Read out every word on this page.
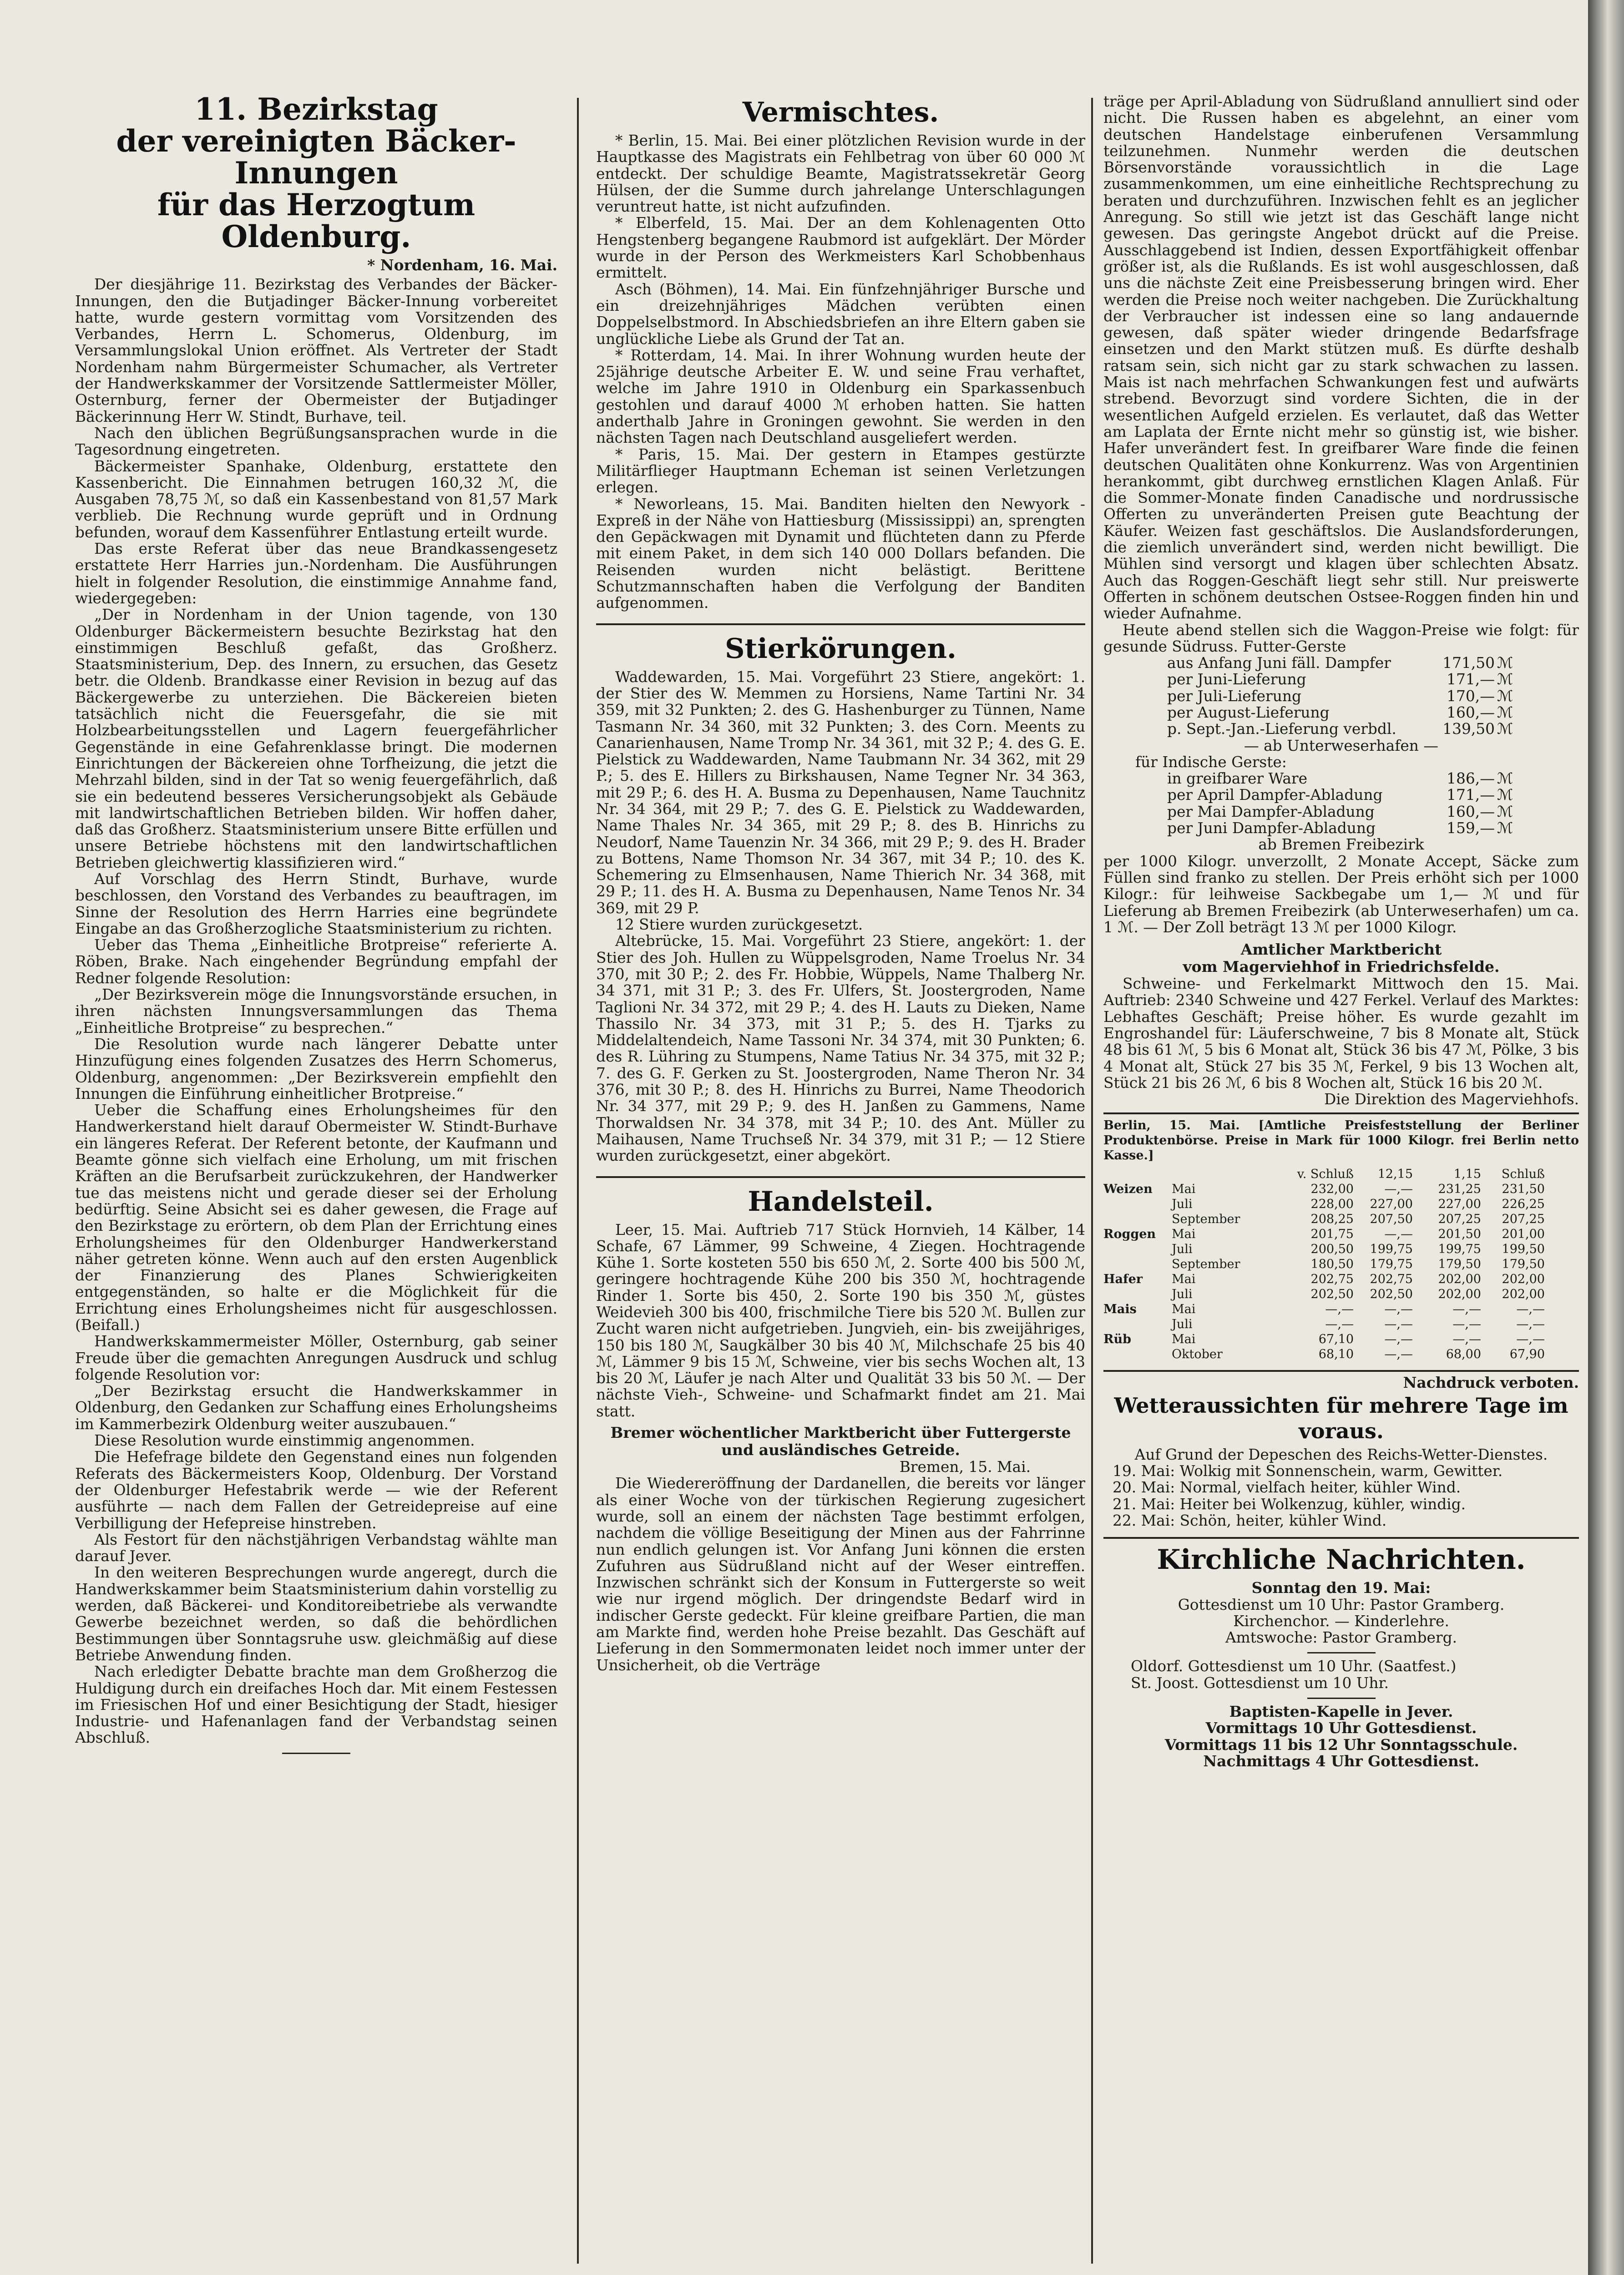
11. Bezirkstag
der vereinigten Bäcker-Innungen
für das Herzogtum Oldenburg.

* Nordenham, 16. Mai.

Der diesjährige 11. Bezirkstag des Verbandes der Bäcker-Innungen, den die Butjadinger Bäcker-Innung vorbereitet hatte, wurde gestern vormittag vom Vorsitzenden des Verbandes, Herrn L. Schomerus, Oldenburg, im Versammlungslokal Union eröffnet. Als Vertreter der Stadt Nordenham nahm Bürgermeister Schumacher, als Vertreter der Handwerkskammer der Vorsitzende Sattlermeister Möller, Osternburg, ferner der Obermeister der Butjadinger Bäckerinnung Herr W. Stindt, Burhave, teil.

Nach den üblichen Begrüßungsansprachen wurde in die Tagesordnung eingetreten.

Bäckermeister Spanhake, Oldenburg, erstattete den Kassenbericht. Die Einnahmen betrugen 160,32 ℳ, die Ausgaben 78,75 ℳ, so daß ein Kassenbestand von 81,57 Mark verblieb. Die Rechnung wurde geprüft und in Ordnung befunden, worauf dem Kassenführer Entlastung erteilt wurde.

Das erste Referat über das neue Brandkassengesetz erstattete Herr Harries jun.-Nordenham. Die Ausführungen hielt in folgender Resolution, die einstimmige Annahme fand, wiedergegeben:

„Der in Nordenham in der Union tagende, von 130 Oldenburger Bäckermeistern besuchte Bezirkstag hat den einstimmigen Beschluß gefaßt, das Großherz. Staatsministerium, Dep. des Innern, zu ersuchen, das Gesetz betr. die Oldenb. Brandkasse einer Revision in bezug auf das Bäckergewerbe zu unterziehen. Die Bäckereien bieten tatsächlich nicht die Feuersgefahr, die sie mit Holzbearbeitungsstellen und Lagern feuergefährlicher Gegenstände in eine Gefahrenklasse bringt. Die modernen Einrichtungen der Bäckereien ohne Torfheizung, die jetzt die Mehrzahl bilden, sind in der Tat so wenig feuergefährlich, daß sie ein bedeutend besseres Versicherungsobjekt als Gebäude mit landwirtschaftlichen Betrieben bilden. Wir hoffen daher, daß das Großherz. Staatsministerium unsere Bitte erfüllen und unsere Betriebe höchstens mit den landwirtschaftlichen Betrieben gleichwertig klassifizieren wird.“

Auf Vorschlag des Herrn Stindt, Burhave, wurde beschlossen, den Vorstand des Verbandes zu beauftragen, im Sinne der Resolution des Herrn Harries eine begründete Eingabe an das Großherzogliche Staatsministerium zu richten.

Ueber das Thema „Einheitliche Brotpreise“ referierte A. Röben, Brake. Nach eingehender Begründung empfahl der Redner folgende Resolution:

„Der Bezirksverein möge die Innungsvorstände ersuchen, in ihren nächsten Innungsversammlungen das Thema „Einheitliche Brotpreise“ zu besprechen.“

Die Resolution wurde nach längerer Debatte unter Hinzufügung eines folgenden Zusatzes des Herrn Schomerus, Oldenburg, angenommen: „Der Bezirksverein empfiehlt den Innungen die Einführung einheitlicher Brotpreise.“

Ueber die Schaffung eines Erholungsheimes für den Handwerkerstand hielt darauf Obermeister W. Stindt-Burhave ein längeres Referat. Der Referent betonte, der Kaufmann und Beamte gönne sich vielfach eine Erholung, um mit frischen Kräften an die Berufsarbeit zurückzukehren, der Handwerker tue das meistens nicht und gerade dieser sei der Erholung bedürftig. Seine Absicht sei es daher gewesen, die Frage auf den Bezirkstage zu erörtern, ob dem Plan der Errichtung eines Erholungsheimes für den Oldenburger Handwerkerstand näher getreten könne. Wenn auch auf den ersten Augenblick der Finanzierung des Planes Schwierigkeiten entgegenständen, so halte er die Möglichkeit für die Errichtung eines Erholungsheimes nicht für ausgeschlossen. (Beifall.)

Handwerkskammermeister Möller, Osternburg, gab seiner Freude über die gemachten Anregungen Ausdruck und schlug folgende Resolution vor:

„Der Bezirkstag ersucht die Handwerkskammer in Oldenburg, den Gedanken zur Schaffung eines Erholungsheims im Kammerbezirk Oldenburg weiter auszubauen.“

Diese Resolution wurde einstimmig angenommen.

Die Hefefrage bildete den Gegenstand eines nun folgenden Referats des Bäckermeisters Koop, Oldenburg. Der Vorstand der Oldenburger Hefestabrik werde — wie der Referent ausführte — nach dem Fallen der Getreidepreise auf eine Verbilligung der Hefepreise hinstreben.

Als Festort für den nächstjährigen Verbandstag wählte man darauf Jever.

In den weiteren Besprechungen wurde angeregt, durch die Handwerkskammer beim Staatsministerium dahin vorstellig zu werden, daß Bäckerei- und Konditoreibetriebe als verwandte Gewerbe bezeichnet werden, so daß die behördlichen Bestimmungen über Sonntagsruhe usw. gleichmäßig auf diese Betriebe Anwendung finden.

Nach erledigter Debatte brachte man dem Großherzog die Huldigung durch ein dreifaches Hoch dar. Mit einem Festessen im Friesischen Hof und einer Besichtigung der Stadt, hiesiger Industrie- und Hafenanlagen fand der Verbandstag seinen Abschluß.

Vermischtes.

* Berlin, 15. Mai. Bei einer plötzlichen Revision wurde in der Hauptkasse des Magistrats ein Fehlbetrag von über 60 000 ℳ entdeckt. Der schuldige Beamte, Magistratssekretär Georg Hülsen, der die Summe durch jahrelange Unterschlagungen veruntreut hatte, ist nicht aufzufinden.

* Elberfeld, 15. Mai. Der an dem Kohlenagenten Otto Hengstenberg begangene Raubmord ist aufgeklärt. Der Mörder wurde in der Person des Werkmeisters Karl Schobbenhaus ermittelt.

Asch (Böhmen), 14. Mai. Ein fünfzehnjähriger Bursche und ein dreizehnjähriges Mädchen verübten einen Doppelselbstmord. In Abschiedsbriefen an ihre Eltern gaben sie unglückliche Liebe als Grund der Tat an.

* Rotterdam, 14. Mai. In ihrer Wohnung wurden heute der 25jährige deutsche Arbeiter E. W. und seine Frau verhaftet, welche im Jahre 1910 in Oldenburg ein Sparkassenbuch gestohlen und darauf 4000 ℳ erhoben hatten. Sie hatten anderthalb Jahre in Groningen gewohnt. Sie werden in den nächsten Tagen nach Deutschland ausgeliefert werden.

* Paris, 15. Mai. Der gestern in Etampes gestürzte Militärflieger Hauptmann Echeman ist seinen Verletzungen erlegen.

* Neworleans, 15. Mai. Banditen hielten den Newyork - Expreß in der Nähe von Hattiesburg (Mississippi) an, sprengten den Gepäckwagen mit Dynamit und flüchteten dann zu Pferde mit einem Paket, in dem sich 140 000 Dollars befanden. Die Reisenden wurden nicht belästigt. Berittene Schutzmannschaften haben die Verfolgung der Banditen aufgenommen.

Stierkörungen.

Waddewarden, 15. Mai. Vorgeführt 23 Stiere, angekört: 1. der Stier des W. Memmen zu Horsiens, Name Tartini Nr. 34 359, mit 32 Punkten; 2. des G. Hashenburger zu Tünnen, Name Tasmann Nr. 34 360, mit 32 Punkten; 3. des Corn. Meents zu Canarienhausen, Name Tromp Nr. 34 361, mit 32 P.; 4. des G. E. Pielstick zu Waddewarden, Name Taubmann Nr. 34 362, mit 29 P.; 5. des E. Hillers zu Birkshausen, Name Tegner Nr. 34 363, mit 29 P.; 6. des H. A. Busma zu Depenhausen, Name Tauchnitz Nr. 34 364, mit 29 P.; 7. des G. E. Pielstick zu Waddewarden, Name Thales Nr. 34 365, mit 29 P.; 8. des B. Hinrichs zu Neudorf, Name Tauenzin Nr. 34 366, mit 29 P.; 9. des H. Brader zu Bottens, Name Thomson Nr. 34 367, mit 34 P.; 10. des K. Schemering zu Elmsenhausen, Name Thierich Nr. 34 368, mit 29 P.; 11. des H. A. Busma zu Depenhausen, Name Tenos Nr. 34 369, mit 29 P.

12 Stiere wurden zurückgesetzt.

Altebrücke, 15. Mai. Vorgeführt 23 Stiere, angekört: 1. der Stier des Joh. Hullen zu Wüppelsgroden, Name Troelus Nr. 34 370, mit 30 P.; 2. des Fr. Hobbie, Wüppels, Name Thalberg Nr. 34 371, mit 31 P.; 3. des Fr. Ulfers, St. Joostergroden, Name Taglioni Nr. 34 372, mit 29 P.; 4. des H. Lauts zu Dieken, Name Thassilo Nr. 34 373, mit 31 P.; 5. des H. Tjarks zu Middelaltendeich, Name Tassoni Nr. 34 374, mit 30 Punkten; 6. des R. Lühring zu Stumpens, Name Tatius Nr. 34 375, mit 32 P.; 7. des G. F. Gerken zu St. Joostergroden, Name Theron Nr. 34 376, mit 30 P.; 8. des H. Hinrichs zu Burrei, Name Theodorich Nr. 34 377, mit 29 P.; 9. des H. Janßen zu Gammens, Name Thorwaldsen Nr. 34 378, mit 34 P.; 10. des Ant. Müller zu Maihausen, Name Truchseß Nr. 34 379, mit 31 P.; — 12 Stiere wurden zurückgesetzt, einer abgekört.

Handelsteil.

Leer, 15. Mai. Auftrieb 717 Stück Hornvieh, 14 Kälber, 14 Schafe, 67 Lämmer, 99 Schweine, 4 Ziegen. Hochtragende Kühe 1. Sorte kosteten 550 bis 650 ℳ, 2. Sorte 400 bis 500 ℳ, geringere hochtragende Kühe 200 bis 350 ℳ, hochtragende Rinder 1. Sorte bis 450, 2. Sorte 190 bis 350 ℳ, güstes Weidevieh 300 bis 400, frischmilche Tiere bis 520 ℳ. Bullen zur Zucht waren nicht aufgetrieben. Jungvieh, ein- bis zweijähriges, 150 bis 180 ℳ, Saugkälber 30 bis 40 ℳ, Milchschafe 25 bis 40 ℳ, Lämmer 9 bis 15 ℳ, Schweine, vier bis sechs Wochen alt, 13 bis 20 ℳ, Läufer je nach Alter und Qualität 33 bis 50 ℳ. — Der nächste Vieh-, Schweine- und Schafmarkt findet am 21. Mai statt.

Bremer wöchentlicher Marktbericht über Futtergerste und ausländisches Getreide.

Bremen, 15. Mai.

Die Wiedereröffnung der Dardanellen, die bereits vor länger als einer Woche von der türkischen Regierung zugesichert wurde, soll an einem der nächsten Tage bestimmt erfolgen, nachdem die völlige Beseitigung der Minen aus der Fahrrinne nun endlich gelungen ist. Vor Anfang Juni können die ersten Zufuhren aus Südrußland nicht auf der Weser eintreffen. Inzwischen schränkt sich der Konsum in Futtergerste so weit wie nur irgend möglich. Der dringendste Bedarf wird in indischer Gerste gedeckt. Für kleine greifbare Partien, die man am Markte find, werden hohe Preise bezahlt. Das Geschäft auf Lieferung in den Sommermonaten leidet noch immer unter der Unsicherheit, ob die Verträge

träge per April-Abladung von Südrußland annulliert sind oder nicht. Die Russen haben es abgelehnt, an einer vom deutschen Handelstage einberufenen Versammlung teilzunehmen. Nunmehr werden die deutschen Börsenvorstände voraussichtlich in die Lage zusammenkommen, um eine einheitliche Rechtsprechung zu beraten und durchzuführen. Inzwischen fehlt es an jeglicher Anregung. So still wie jetzt ist das Geschäft lange nicht gewesen. Das geringste Angebot drückt auf die Preise. Ausschlaggebend ist Indien, dessen Exportfähigkeit offenbar größer ist, als die Rußlands. Es ist wohl ausgeschlossen, daß uns die nächste Zeit eine Preisbesserung bringen wird. Eher werden die Preise noch weiter nachgeben. Die Zurückhaltung der Verbraucher ist indessen eine so lang andauernde gewesen, daß später wieder dringende Bedarfsfrage einsetzen und den Markt stützen muß. Es dürfte deshalb ratsam sein, sich nicht gar zu stark schwachen zu lassen. Mais ist nach mehrfachen Schwankungen fest und aufwärts strebend. Bevorzugt sind vordere Sichten, die in der wesentlichen Aufgeld erzielen. Es verlautet, daß das Wetter am Laplata der Ernte nicht mehr so günstig ist, wie bisher. Hafer unverändert fest. In greifbarer Ware finde die feinen deutschen Qualitäten ohne Konkurrenz. Was von Argentinien herankommt, gibt durchweg ernstlichen Klagen Anlaß. Für die Sommer-Monate finden Canadische und nordrussische Offerten zu unveränderten Preisen gute Beachtung der Käufer. Weizen fast geschäftslos. Die Auslandsforderungen, die ziemlich unverändert sind, werden nicht bewilligt. Die Mühlen sind versorgt und klagen über schlechten Absatz. Auch das Roggen-Geschäft liegt sehr still. Nur preiswerte Offerten in schönem deutschen Ostsee-Roggen finden hin und wieder Aufnahme.

Heute abend stellen sich die Waggon-Preise wie folgt: für gesunde Südruss. Futter-Gerste

aus Anfang Juni fäll. Dampfer	171,50 ℳ
per Juni-Lieferung	171,— ℳ
per Juli-Lieferung	170,— ℳ
per August-Lieferung	160,— ℳ
p. Sept.-Jan.-Lieferung verbdl.	139,50 ℳ

— ab Unterweserhafen —

für Indische Gerste:

in greifbarer Ware	186,— ℳ
per April Dampfer-Abladung	171,— ℳ
per Mai Dampfer-Abladung	160,— ℳ
per Juni Dampfer-Abladung	159,— ℳ

ab Bremen Freibezirk

per 1000 Kilogr. unverzollt, 2 Monate Accept, Säcke zum Füllen sind franko zu stellen. Der Preis erhöht sich per 1000 Kilogr.: für leihweise Sackbegabe um 1,— ℳ und für Lieferung ab Bremen Freibezirk (ab Unterweserhafen) um ca. 1 ℳ. — Der Zoll beträgt 13 ℳ per 1000 Kilogr.

Amtlicher Marktbericht

vom Magerviehhof in Friedrichsfelde.

Schweine- und Ferkelmarkt Mittwoch den 15. Mai. Auftrieb: 2340 Schweine und 427 Ferkel. Verlauf des Marktes: Lebhaftes Geschäft; Preise höher. Es wurde gezahlt im Engroshandel für: Läuferschweine, 7 bis 8 Monate alt, Stück 48 bis 61 ℳ, 5 bis 6 Monat alt, Stück 36 bis 47 ℳ, Pölke, 3 bis 4 Monat alt, Stück 27 bis 35 ℳ, Ferkel, 9 bis 13 Wochen alt, Stück 21 bis 26 ℳ, 6 bis 8 Wochen alt, Stück 16 bis 20 ℳ.

Die Direktion des Magerviehhofs.

Berlin, 15. Mai. [Amtliche Preisfeststellung der Berliner Produktenbörse. Preise in Mark für 1000 Kilogr. frei Berlin netto Kasse.]

v. Schluß	12,15	1,15	Schluß
Weizen	Mai	232,00	—,—	231,25	231,50
Juli	228,00	227,00	227,00	226,25
September	208,25	207,50	207,25	207,25
Roggen	Mai	201,75	—,—	201,50	201,00
Juli	200,50	199,75	199,75	199,50
September	180,50	179,75	179,50	179,50
Hafer	Mai	202,75	202,75	202,00	202,00
Juli	202,50	202,50	202,00	202,00
Mais	Mai	—,—	—,—	—,—	—,—
Juli	—,—	—,—	—,—	—,—
Rüb	Mai	67,10	—,—	—,—	—,—
Oktober	68,10	—,—	68,00	67,90

Nachdruck verboten.

Wetteraussichten für mehrere Tage im voraus.

Auf Grund der Depeschen des Reichs-Wetter-Dienstes.

19. Mai: Wolkig mit Sonnenschein, warm, Gewitter.

20. Mai: Normal, vielfach heiter, kühler Wind.

21. Mai: Heiter bei Wolkenzug, kühler, windig.

22. Mai: Schön, heiter, kühler Wind.

Kirchliche Nachrichten.

Sonntag den 19. Mai:

Gottesdienst um 10 Uhr: Pastor Gramberg.

Kirchenchor. — Kinderlehre.

Amtswoche: Pastor Gramberg.

Oldorf. Gottesdienst um 10 Uhr. (Saatfest.)

St. Joost. Gottesdienst um 10 Uhr.

Baptisten-Kapelle in Jever.

Vormittags 10 Uhr Gottesdienst.

Vormittags 11 bis 12 Uhr Sonntagsschule.

Nachmittags 4 Uhr Gottesdienst.
